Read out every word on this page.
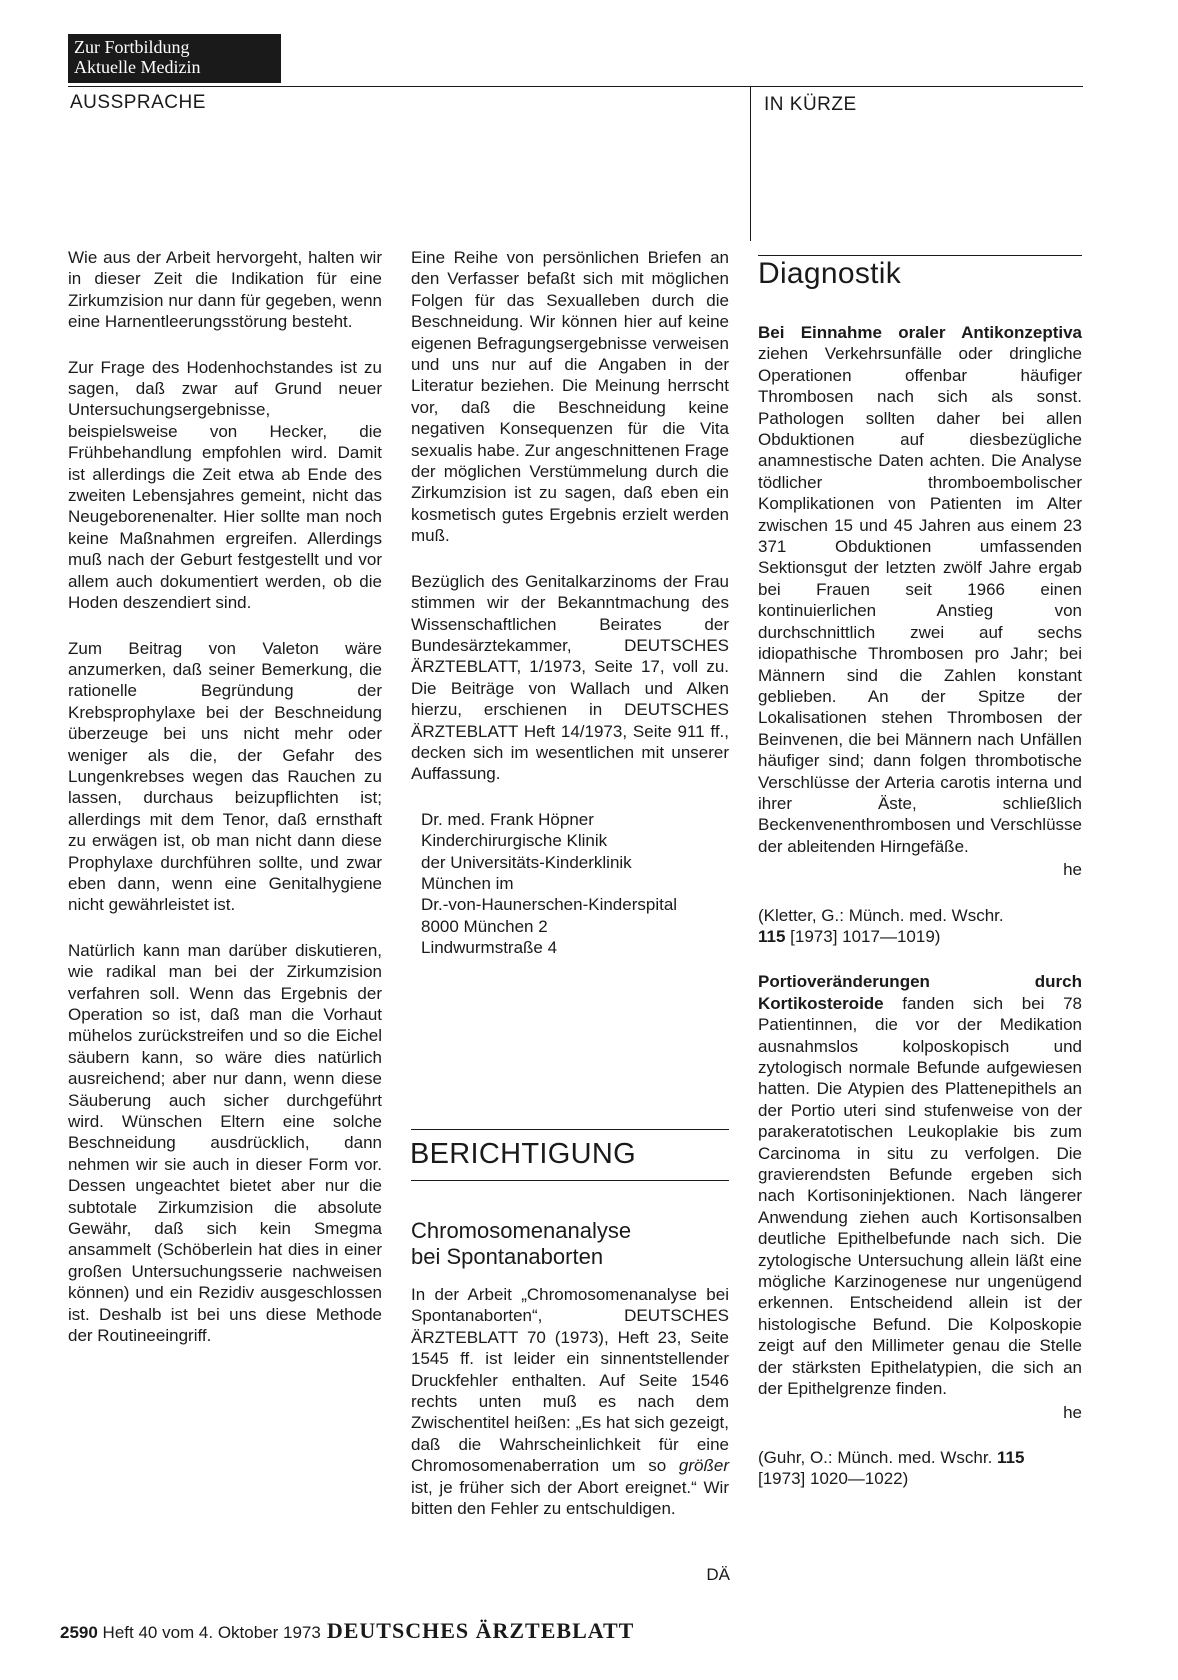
Zur Fortbildung
Aktuelle Medizin
AUSSPRACHE	IN KÜRZE

Wie aus der Arbeit hervorgeht, halten wir in dieser Zeit die Indikation für eine Zirkumzision nur dann für gegeben, wenn eine Harnentleerungsstörung besteht.

Zur Frage des Hodenhochstandes ist zu sagen, daß zwar auf Grund neuer Untersuchungsergebnisse, beispielsweise von Hecker, die Frühbehandlung empfohlen wird. Damit ist allerdings die Zeit etwa ab Ende des zweiten Lebensjahres gemeint, nicht das Neugeborenenalter. Hier sollte man noch keine Maßnahmen ergreifen. Allerdings muß nach der Geburt festgestellt und vor allem auch dokumentiert werden, ob die Hoden deszendiert sind.

Zum Beitrag von Valeton wäre anzumerken, daß seiner Bemerkung, die rationelle Begründung der Krebsprophylaxe bei der Beschneidung überzeuge bei uns nicht mehr oder weniger als die, der Gefahr des Lungenkrebses wegen das Rauchen zu lassen, durchaus beizupflichten ist; allerdings mit dem Tenor, daß ernsthaft zu erwägen ist, ob man nicht dann diese Prophylaxe durchführen sollte, und zwar eben dann, wenn eine Genitalhygiene nicht gewährleistet ist.

Natürlich kann man darüber diskutieren, wie radikal man bei der Zirkumzision verfahren soll. Wenn das Ergebnis der Operation so ist, daß man die Vorhaut mühelos zurückstreifen und so die Eichel säubern kann, so wäre dies natürlich ausreichend; aber nur dann, wenn diese Säuberung auch sicher durchgeführt wird. Wünschen Eltern eine solche Beschneidung ausdrücklich, dann nehmen wir sie auch in dieser Form vor. Dessen ungeachtet bietet aber nur die subtotale Zirkumzision die absolute Gewähr, daß sich kein Smegma ansammelt (Schöberlein hat dies in einer großen Untersuchungsserie nachweisen können) und ein Rezidiv ausgeschlossen ist. Deshalb ist bei uns diese Methode der Routineeingriff.

Eine Reihe von persönlichen Briefen an den Verfasser befaßt sich mit möglichen Folgen für das Sexualleben durch die Beschneidung. Wir können hier auf keine eigenen Befragungsergebnisse verweisen und uns nur auf die Angaben in der Literatur beziehen. Die Meinung herrscht vor, daß die Beschneidung keine negativen Konsequenzen für die Vita sexualis habe. Zur angeschnittenen Frage der möglichen Verstümmelung durch die Zirkumzision ist zu sagen, daß eben ein kosmetisch gutes Ergebnis erzielt werden muß.

Bezüglich des Genitalkarzinoms der Frau stimmen wir der Bekanntmachung des Wissenschaftlichen Beirates der Bundesärztekammer, DEUTSCHES ÄRZTEBLATT, 1/1973, Seite 17, voll zu. Die Beiträge von Wallach und Alken hierzu, erschienen in DEUTSCHES ÄRZTEBLATT Heft 14/1973, Seite 911 ff., decken sich im wesentlichen mit unserer Auffassung.

Dr. med. Frank Höpner
Kinderchirurgische Klinik
der Universitäts-Kinderklinik
München im
Dr.-von-Haunerschen-Kinderspital
8000 München 2
Lindwurmstraße 4
BERICHTIGUNG
Chromosomenanalyse
bei Spontanaborten
In der Arbeit „Chromosomenanalyse bei Spontanaborten“, DEUTSCHES ÄRZTEBLATT 70 (1973), Heft 23, Seite 1545 ff. ist leider ein sinnentstellender Druckfehler enthalten. Auf Seite 1546 rechts unten muß es nach dem Zwischentitel heißen: „Es hat sich gezeigt, daß die Wahrscheinlichkeit für eine Chromosomenaberration um so größer ist, je früher sich der Abort ereignet.“ Wir bitten den Fehler zu entschuldigen.
DÄ
Diagnostik

Bei Einnahme oraler Antikonzeptiva ziehen Verkehrsunfälle oder dringliche Operationen offenbar häufiger Thrombosen nach sich als sonst. Pathologen sollten daher bei allen Obduktionen auf diesbezügliche anamnestische Daten achten. Die Analyse tödlicher thromboembolischer Komplikationen von Patienten im Alter zwischen 15 und 45 Jahren aus einem 23 371 Obduktionen umfassenden Sektionsgut der letzten zwölf Jahre ergab bei Frauen seit 1966 einen kontinuierlichen Anstieg von durchschnittlich zwei auf sechs idiopathische Thrombosen pro Jahr; bei Männern sind die Zahlen konstant geblieben. An der Spitze der Lokalisationen stehen Thrombosen der Beinvenen, die bei Männern nach Unfällen häufiger sind; dann folgen thrombotische Verschlüsse der Arteria carotis interna und ihrer Äste, schließlich Beckenvenenthrombosen und Verschlüsse der ableitenden Hirngefäße.

he

(Kletter, G.: Münch. med. Wschr.
115 [1973] 1017—1019)

Portioveränderungen durch Kortikosteroide fanden sich bei 78 Patientinnen, die vor der Medikation ausnahmslos kolposkopisch und zytologisch normale Befunde aufgewiesen hatten. Die Atypien des Plattenepithels an der Portio uteri sind stufenweise von der parakeratotischen Leukoplakie bis zum Carcinoma in situ zu verfolgen. Die gravierendsten Befunde ergeben sich nach Kortisoninjektionen. Nach längerer Anwendung ziehen auch Kortisonsalben deutliche Epithelbefunde nach sich. Die zytologische Untersuchung allein läßt eine mögliche Karzinogenese nur ungenügend erkennen. Entscheidend allein ist der histologische Befund. Die Kolposkopie zeigt auf den Millimeter genau die Stelle der stärksten Epithelatypien, die sich an der Epithelgrenze finden.

he

(Guhr, O.: Münch. med. Wschr. 115
[1973] 1020—1022)

2590 Heft 40 vom 4. Oktober 1973 DEUTSCHES ÄRZTEBLATT
